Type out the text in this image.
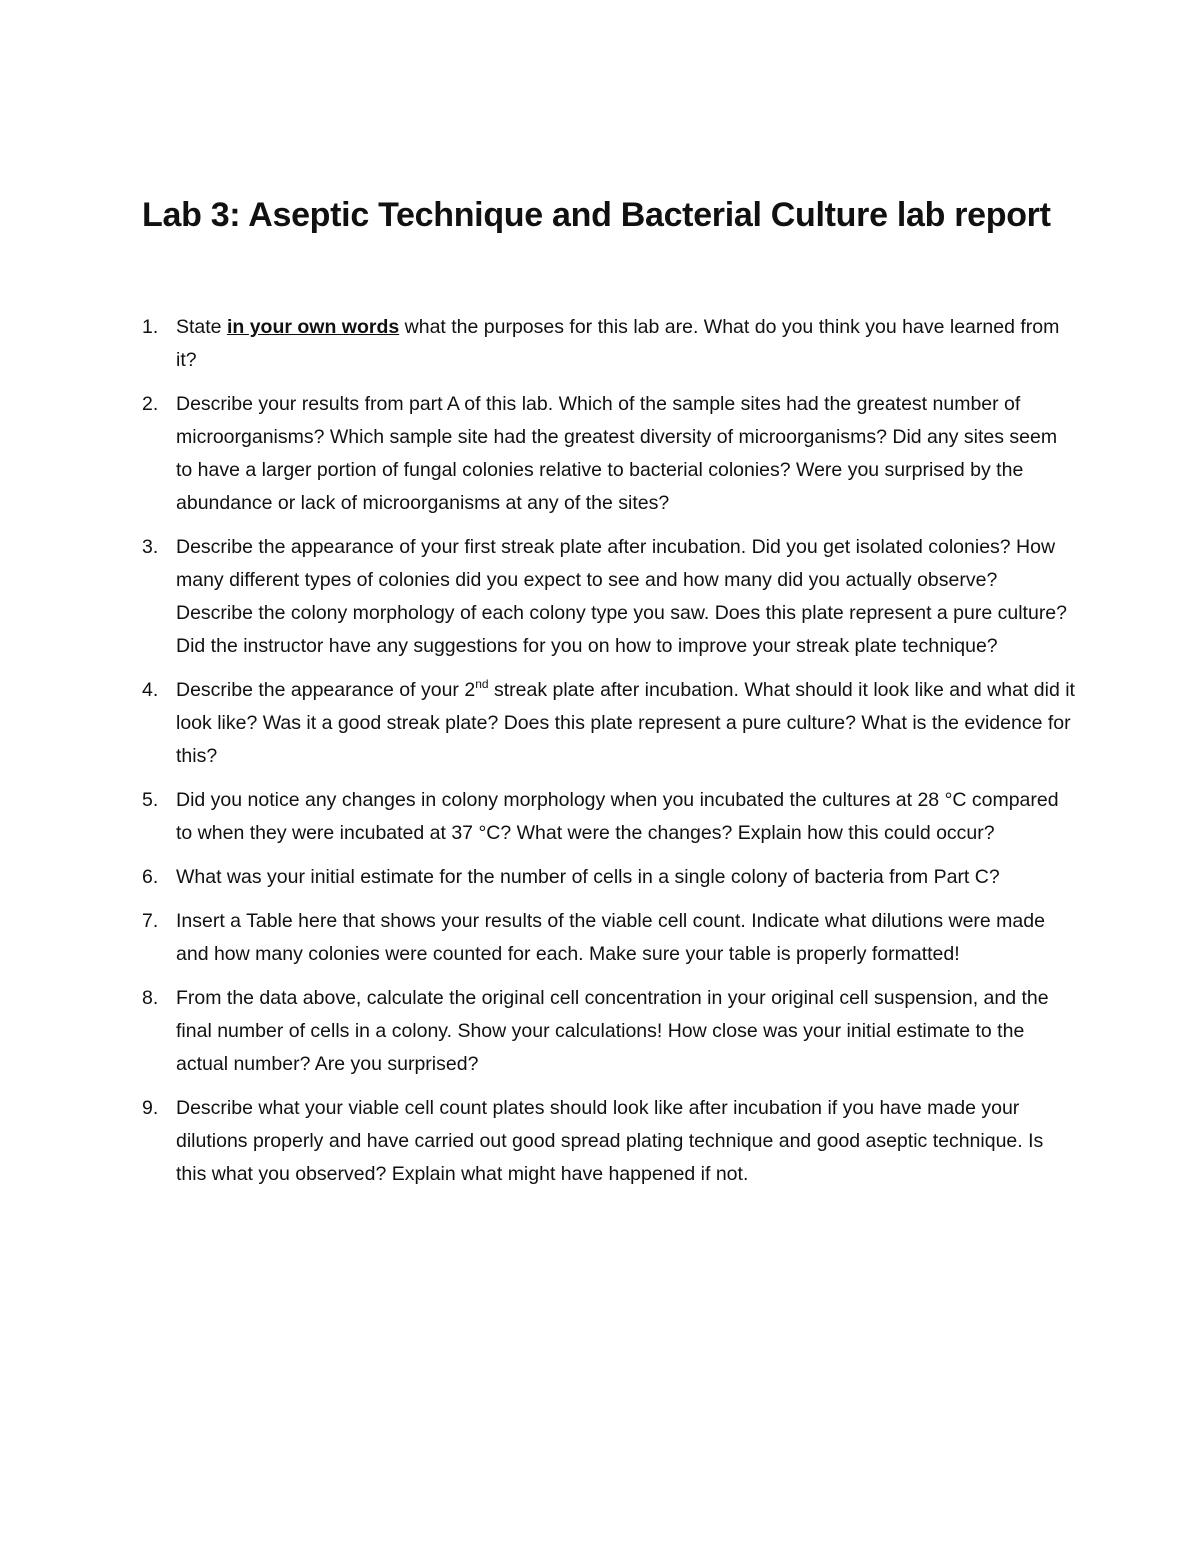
Lab 3: Aseptic Technique and Bacterial Culture lab report
1. State in your own words what the purposes for this lab are. What do you think you have learned from it?
2. Describe your results from part A of this lab. Which of the sample sites had the greatest number of microorganisms? Which sample site had the greatest diversity of microorganisms? Did any sites seem to have a larger portion of fungal colonies relative to bacterial colonies? Were you surprised by the abundance or lack of microorganisms at any of the sites?
3. Describe the appearance of your first streak plate after incubation. Did you get isolated colonies? How many different types of colonies did you expect to see and how many did you actually observe? Describe the colony morphology of each colony type you saw. Does this plate represent a pure culture? Did the instructor have any suggestions for you on how to improve your streak plate technique?
4. Describe the appearance of your 2nd streak plate after incubation. What should it look like and what did it look like? Was it a good streak plate? Does this plate represent a pure culture? What is the evidence for this?
5. Did you notice any changes in colony morphology when you incubated the cultures at 28 °C compared to when they were incubated at 37 °C? What were the changes? Explain how this could occur?
6. What was your initial estimate for the number of cells in a single colony of bacteria from Part C?
7. Insert a Table here that shows your results of the viable cell count. Indicate what dilutions were made and how many colonies were counted for each. Make sure your table is properly formatted!
8. From the data above, calculate the original cell concentration in your original cell suspension, and the final number of cells in a colony. Show your calculations! How close was your initial estimate to the actual number? Are you surprised?
9. Describe what your viable cell count plates should look like after incubation if you have made your dilutions properly and have carried out good spread plating technique and good aseptic technique. Is this what you observed? Explain what might have happened if not.
